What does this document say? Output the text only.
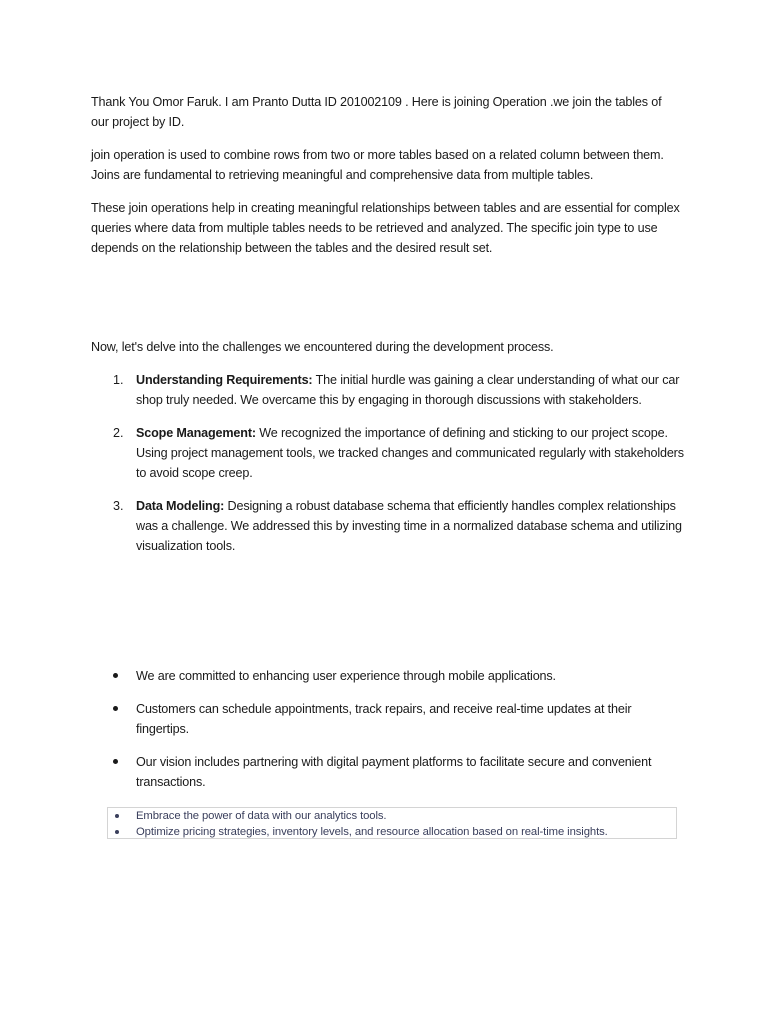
Thank You Omor Faruk. I am Pranto Dutta ID 201002109 . Here is joining Operation .we join the tables of our project by ID.

join operation is used to combine rows from two or more tables based on a related column between them. Joins are fundamental to retrieving meaningful and comprehensive data from multiple tables.

These join operations help in creating meaningful relationships between tables and are essential for complex queries where data from multiple tables needs to be retrieved and analyzed. The specific join type to use depends on the relationship between the tables and the desired result set.

Now, let's delve into the challenges we encountered during the development process.

1. Understanding Requirements: The initial hurdle was gaining a clear understanding of what our car shop truly needed. We overcame this by engaging in thorough discussions with stakeholders.

2. Scope Management: We recognized the importance of defining and sticking to our project scope. Using project management tools, we tracked changes and communicated regularly with stakeholders to avoid scope creep.

3. Data Modeling: Designing a robust database schema that efficiently handles complex relationships was a challenge. We addressed this by investing time in a normalized database schema and utilizing visualization tools.

We are committed to enhancing user experience through mobile applications.

Customers can schedule appointments, track repairs, and receive real-time updates at their fingertips.

Our vision includes partnering with digital payment platforms to facilitate secure and convenient transactions.

Embrace the power of data with our analytics tools.
Optimize pricing strategies, inventory levels, and resource allocation based on real-time insights.
